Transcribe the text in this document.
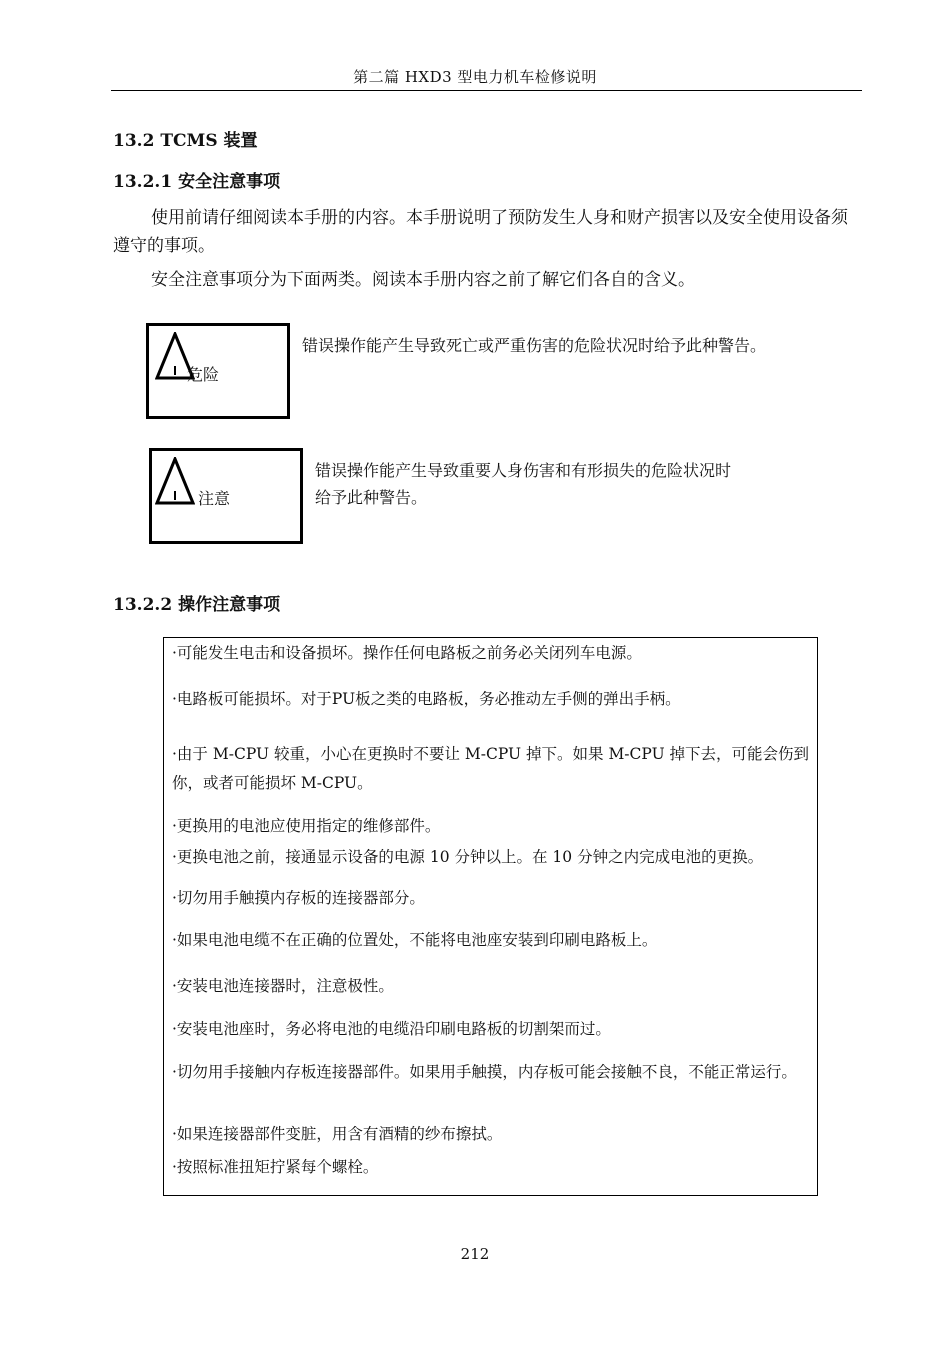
第二篇 HXD3 型电力机车检修说明
13.2 TCMS 装置
13.2.1 安全注意事项
使用前请仔细阅读本手册的内容。本手册说明了预防发生人身和财产损害以及安全使用设备须遵守的事项。
安全注意事项分为下面两类。阅读本手册内容之前了解它们各自的含义。
危险
错误操作能产生导致死亡或严重伤害的危险状况时给予此种警告。
注意
错误操作能产生导致重要人身伤害和有形损失的危险状况时
给予此种警告。
13.2.2 操作注意事项
·可能发生电击和设备损坏。操作任何电路板之前务必关闭列车电源。
·电路板可能损坏。对于PU板之类的电路板，务必推动左手侧的弹出手柄。
·由于 M-CPU 较重，小心在更换时不要让 M-CPU 掉下。如果 M-CPU 掉下去，可能会伤到你，或者可能损坏 M-CPU。
·更换用的电池应使用指定的维修部件。
·更换电池之前，接通显示设备的电源 10 分钟以上。在 10 分钟之内完成电池的更换。
·切勿用手触摸内存板的连接器部分。
·如果电池电缆不在正确的位置处，不能将电池座安装到印刷电路板上。
·安装电池连接器时，注意极性。
·安装电池座时，务必将电池的电缆沿印刷电路板的切割架而过。
·切勿用手接触内存板连接器部件。如果用手触摸，内存板可能会接触不良，不能正常运行。
·如果连接器部件变脏，用含有酒精的纱布擦拭。
·按照标准扭矩拧紧每个螺栓。
212
